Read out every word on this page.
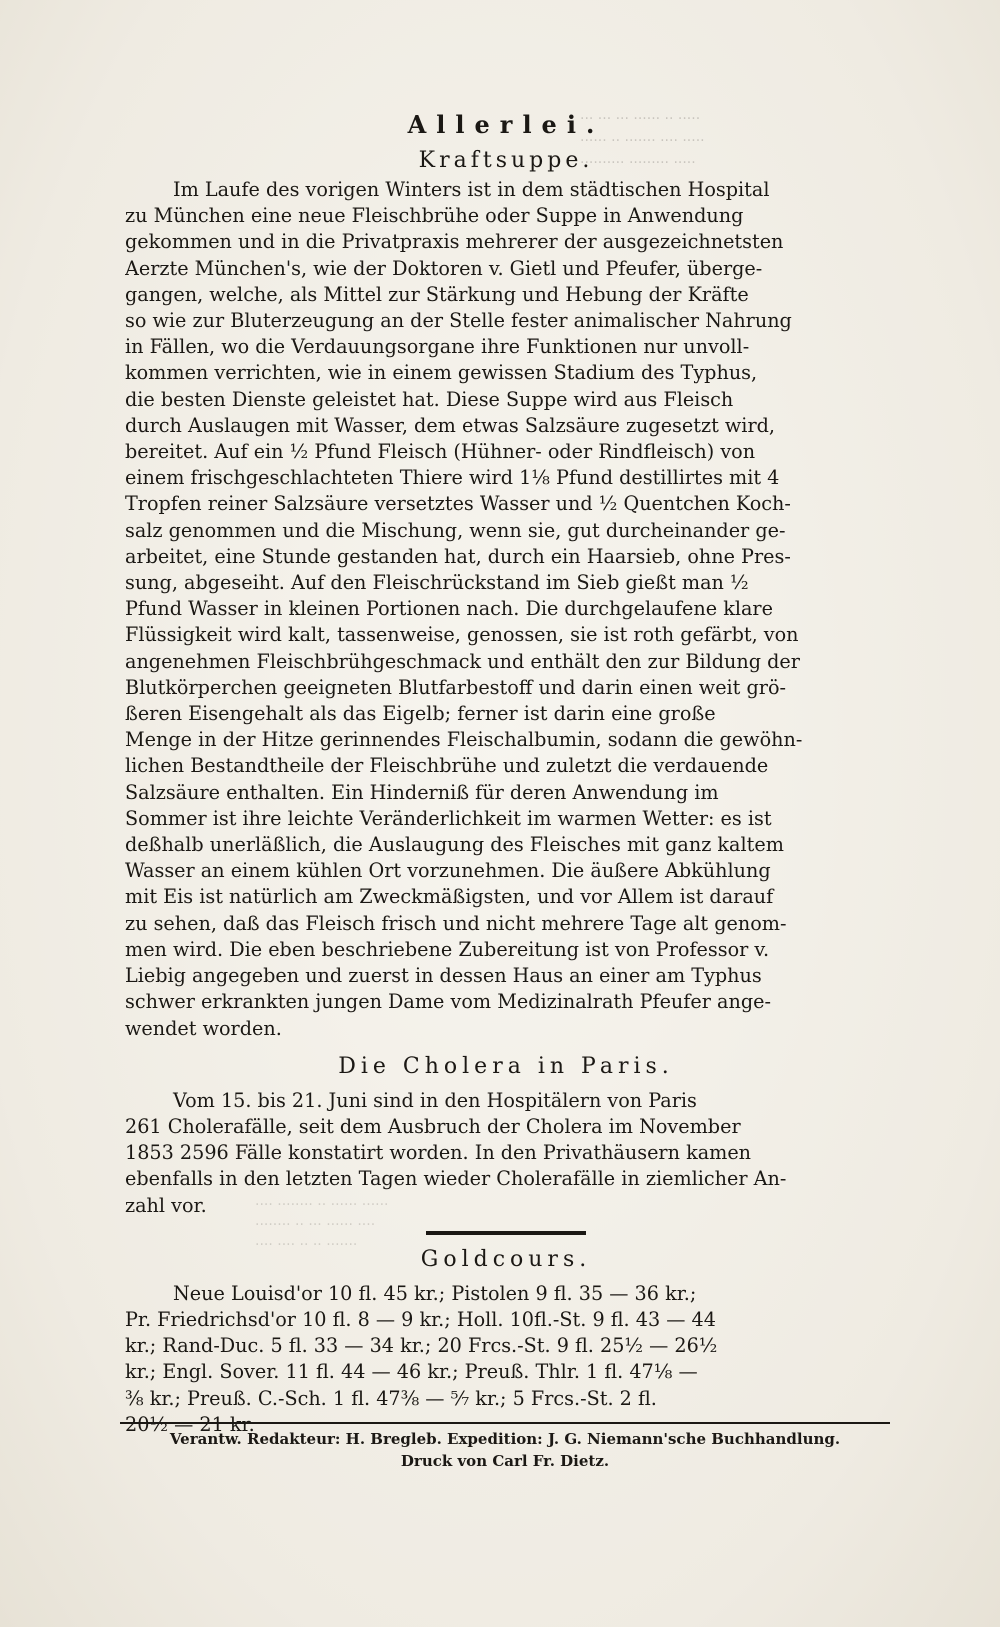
··· ··· ··· ······ ·· ·····
······ ·· ······· ···· ·····
·········· ········· ·····
···· ········ ·· ······ ······
········ ·· ··· ······ ····
···· ···· ·· ·· ·······
Allerlei.
Kraftsuppe.
Im Laufe des vorigen Winters ist in dem städtischen Hospital
zu München eine neue Fleischbrühe oder Suppe in Anwendung
gekommen und in die Privatpraxis mehrerer der ausgezeichnetsten
Aerzte München's, wie der Doktoren v. Gietl und Pfeufer, überge-
gangen, welche, als Mittel zur Stärkung und Hebung der Kräfte
so wie zur Bluterzeugung an der Stelle fester animalischer Nahrung
in Fällen, wo die Verdauungsorgane ihre Funktionen nur unvoll-
kommen verrichten, wie in einem gewissen Stadium des Typhus,
die besten Dienste geleistet hat. Diese Suppe wird aus Fleisch
durch Auslaugen mit Wasser, dem etwas Salzsäure zugesetzt wird,
bereitet. Auf ein ½ Pfund Fleisch (Hühner- oder Rindfleisch) von
einem frischgeschlachteten Thiere wird 1⅛ Pfund destillirtes mit 4
Tropfen reiner Salzsäure versetztes Wasser und ½ Quentchen Koch-
salz genommen und die Mischung, wenn sie, gut durcheinander ge-
arbeitet, eine Stunde gestanden hat, durch ein Haarsieb, ohne Pres-
sung, abgeseiht. Auf den Fleischrückstand im Sieb gießt man ½
Pfund Wasser in kleinen Portionen nach. Die durchgelaufene klare
Flüssigkeit wird kalt, tassenweise, genossen, sie ist roth gefärbt, von
angenehmen Fleischbrühgeschmack und enthält den zur Bildung der
Blutkörperchen geeigneten Blutfarbestoff und darin einen weit grö-
ßeren Eisengehalt als das Eigelb; ferner ist darin eine große
Menge in der Hitze gerinnendes Fleischalbumin, sodann die gewöhn-
lichen Bestandtheile der Fleischbrühe und zuletzt die verdauende
Salzsäure enthalten. Ein Hinderniß für deren Anwendung im
Sommer ist ihre leichte Veränderlichkeit im warmen Wetter: es ist
deßhalb unerläßlich, die Auslaugung des Fleisches mit ganz kaltem
Wasser an einem kühlen Ort vorzunehmen. Die äußere Abkühlung
mit Eis ist natürlich am Zweckmäßigsten, und vor Allem ist darauf
zu sehen, daß das Fleisch frisch und nicht mehrere Tage alt genom-
men wird. Die eben beschriebene Zubereitung ist von Professor v.
Liebig angegeben und zuerst in dessen Haus an einer am Typhus
schwer erkrankten jungen Dame vom Medizinalrath Pfeufer ange-
wendet worden.
Die Cholera in Paris.
Vom 15. bis 21. Juni sind in den Hospitälern von Paris
261 Cholerafälle, seit dem Ausbruch der Cholera im November
1853 2596 Fälle konstatirt worden. In den Privathäusern kamen
ebenfalls in den letzten Tagen wieder Cholerafälle in ziemlicher An-
zahl vor.
Goldcours.
Neue Louisd'or 10 fl. 45 kr.; Pistolen 9 fl. 35 — 36 kr.;
Pr. Friedrichsd'or 10 fl. 8 — 9 kr.; Holl. 10fl.-St. 9 fl. 43 — 44
kr.; Rand-Duc. 5 fl. 33 — 34 kr.; 20 Frcs.-St. 9 fl. 25½ — 26½
kr.; Engl. Sover. 11 fl. 44 — 46 kr.; Preuß. Thlr. 1 fl. 47⅛ —
⅜ kr.; Preuß. C.-Sch. 1 fl. 47⅜ — ⁵⁄₇ kr.; 5 Frcs.-St. 2 fl.
20½ — 21 kr.
Verantw. Redakteur: H. Bregleb. Expedition: J. G. Niemann'sche Buchhandlung.
Druck von Carl Fr. Dietz.
